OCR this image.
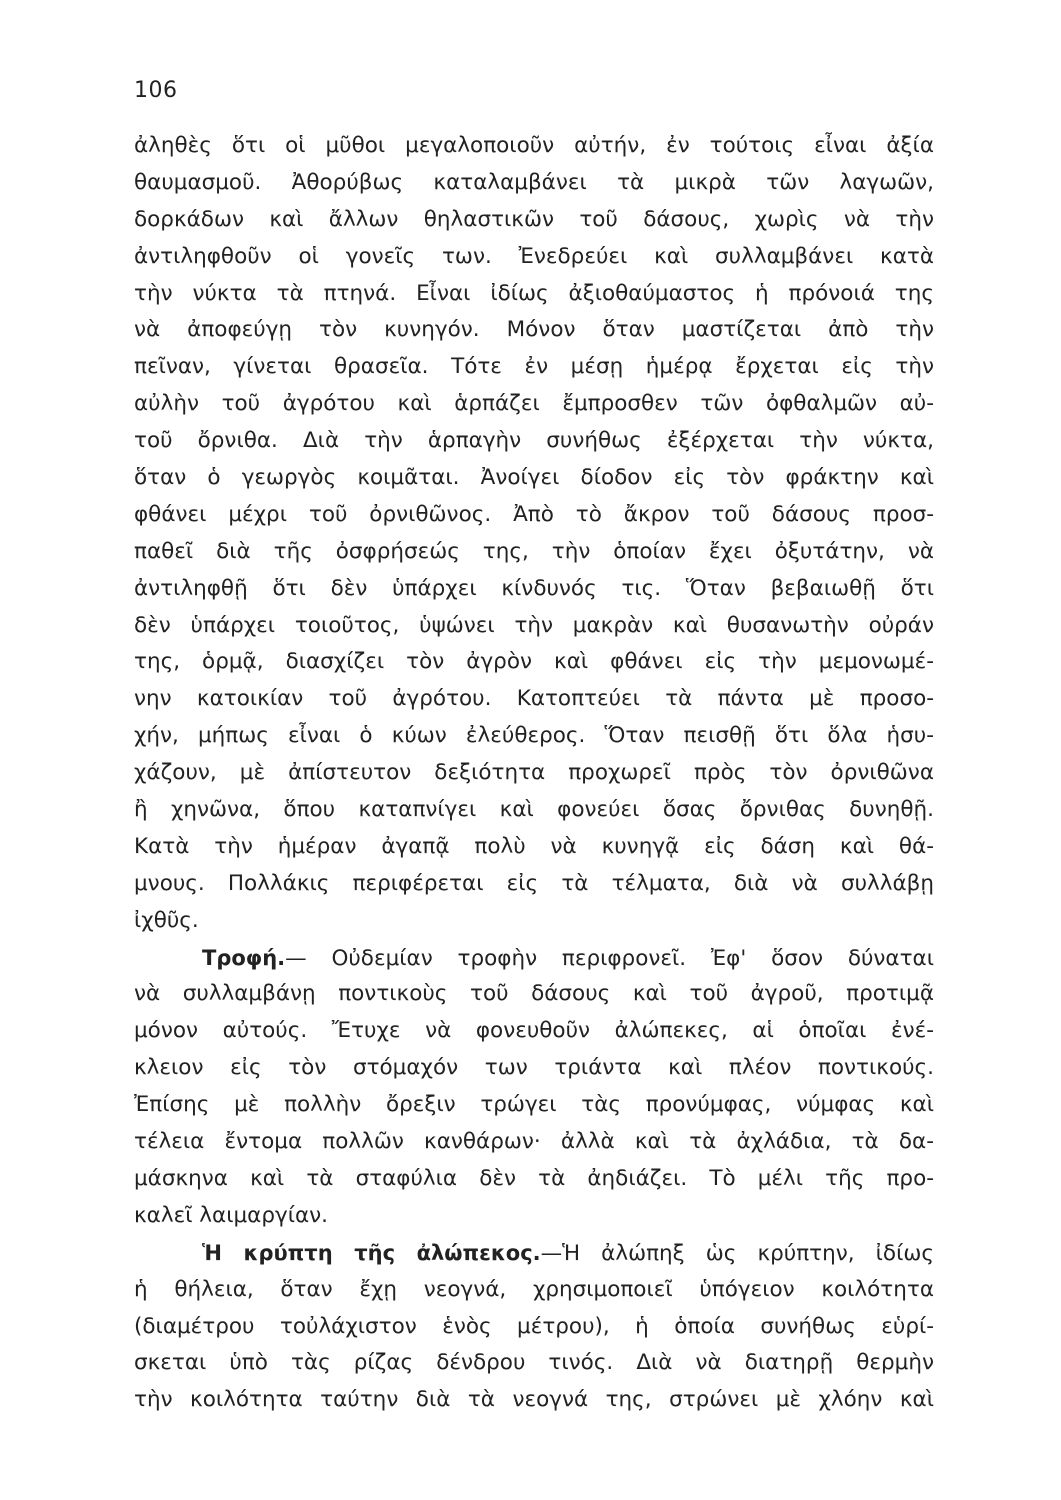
106
ἀληθὲς ὅτι οἱ μῦθοι μεγαλοποιοῦν αὐτήν, ἐν τούτοις εἶναι ἀξία
θαυμασμοῦ. Ἀθορύβως καταλαμβάνει τὰ μικρὰ τῶν λαγωῶν,
δορκάδων καὶ ἄλλων θηλαστικῶν τοῦ δάσους, χωρὶς νὰ τὴν
ἀντιληφθοῦν οἱ γονεῖς των. Ἐνεδρεύει καὶ συλλαμβάνει κατὰ
τὴν νύκτα τὰ πτηνά. Εἶναι ἰδίως ἀξιοθαύμαστος ἡ πρόνοιά της
νὰ ἀποφεύγῃ τὸν κυνηγόν. Μόνον ὅταν μαστίζεται ἀπὸ τὴν
πεῖναν, γίνεται θρασεῖα. Τότε ἐν μέσῃ ἡμέρᾳ ἔρχεται εἰς τὴν
αὐλὴν τοῦ ἀγρότου καὶ ἁρπάζει ἔμπροσθεν τῶν ὀφθαλμῶν αὐ-
τοῦ ὄρνιθα. Διὰ τὴν ἁρπαγὴν συνήθως ἐξέρχεται τὴν νύκτα,
ὅταν ὁ γεωργὸς κοιμᾶται. Ἀνοίγει δίοδον εἰς τὸν φράκτην καὶ
φθάνει μέχρι τοῦ ὀρνιθῶνος. Ἀπὸ τὸ ἄκρον τοῦ δάσους προσ-
παθεῖ διὰ τῆς ὀσφρήσεώς της, τὴν ὁποίαν ἔχει ὀξυτάτην, νὰ
ἀντιληφθῇ ὅτι δὲν ὑπάρχει κίνδυνός τις. Ὅταν βεβαιωθῇ ὅτι
δὲν ὑπάρχει τοιοῦτος, ὑψώνει τὴν μακρὰν καὶ θυσανωτὴν οὐράν
της, ὁρμᾷ, διασχίζει τὸν ἀγρὸν καὶ φθάνει εἰς τὴν μεμονωμέ-
νην κατοικίαν τοῦ ἀγρότου. Κατοπτεύει τὰ πάντα μὲ προσο-
χήν, μήπως εἶναι ὁ κύων ἐλεύθερος. Ὅταν πεισθῇ ὅτι ὅλα ἡσυ-
χάζουν, μὲ ἀπίστευτον δεξιότητα προχωρεῖ πρὸς τὸν ὀρνιθῶνα
ἢ χηνῶνα, ὅπου καταπνίγει καὶ φονεύει ὅσας ὄρνιθας δυνηθῇ.
Κατὰ τὴν ἡμέραν ἀγαπᾷ πολὺ νὰ κυνηγᾷ εἰς δάση καὶ θά-
μνους. Πολλάκις περιφέρεται εἰς τὰ τέλματα, διὰ νὰ συλλάβῃ
ἰχθῦς.
Τροφή.— Οὐδεμίαν τροφὴν περιφρονεῖ. Ἐφ' ὅσον δύναται
νὰ συλλαμβάνῃ ποντικοὺς τοῦ δάσους καὶ τοῦ ἀγροῦ, προτιμᾷ
μόνον αὐτούς. Ἔτυχε νὰ φονευθοῦν ἀλώπεκες, αἱ ὁποῖαι ἐνέ-
κλειον εἰς τὸν στόμαχόν των τριάντα καὶ πλέον ποντικούς.
Ἐπίσης μὲ πολλὴν ὄρεξιν τρώγει τὰς προνύμφας, νύμφας καὶ
τέλεια ἔντομα πολλῶν κανθάρων· ἀλλὰ καὶ τὰ ἀχλάδια, τὰ δα-
μάσκηνα καὶ τὰ σταφύλια δὲν τὰ ἀηδιάζει. Τὸ μέλι τῆς προ-
καλεῖ λαιμαργίαν.
Ἡ κρύπτη τῆς ἀλώπεκος.—Ἡ ἀλώπηξ ὡς κρύπτην, ἰδίως
ἡ θήλεια, ὅταν ἔχῃ νεογνά, χρησιμοποιεῖ ὑπόγειον κοιλότητα
(διαμέτρου τοὐλάχιστον ἑνὸς μέτρου), ἡ ὁποία συνήθως εὑρί-
σκεται ὑπὸ τὰς ρίζας δένδρου τινός. Διὰ νὰ διατηρῇ θερμὴν
τὴν κοιλότητα ταύτην διὰ τὰ νεογνά της, στρώνει μὲ χλόην καὶ
